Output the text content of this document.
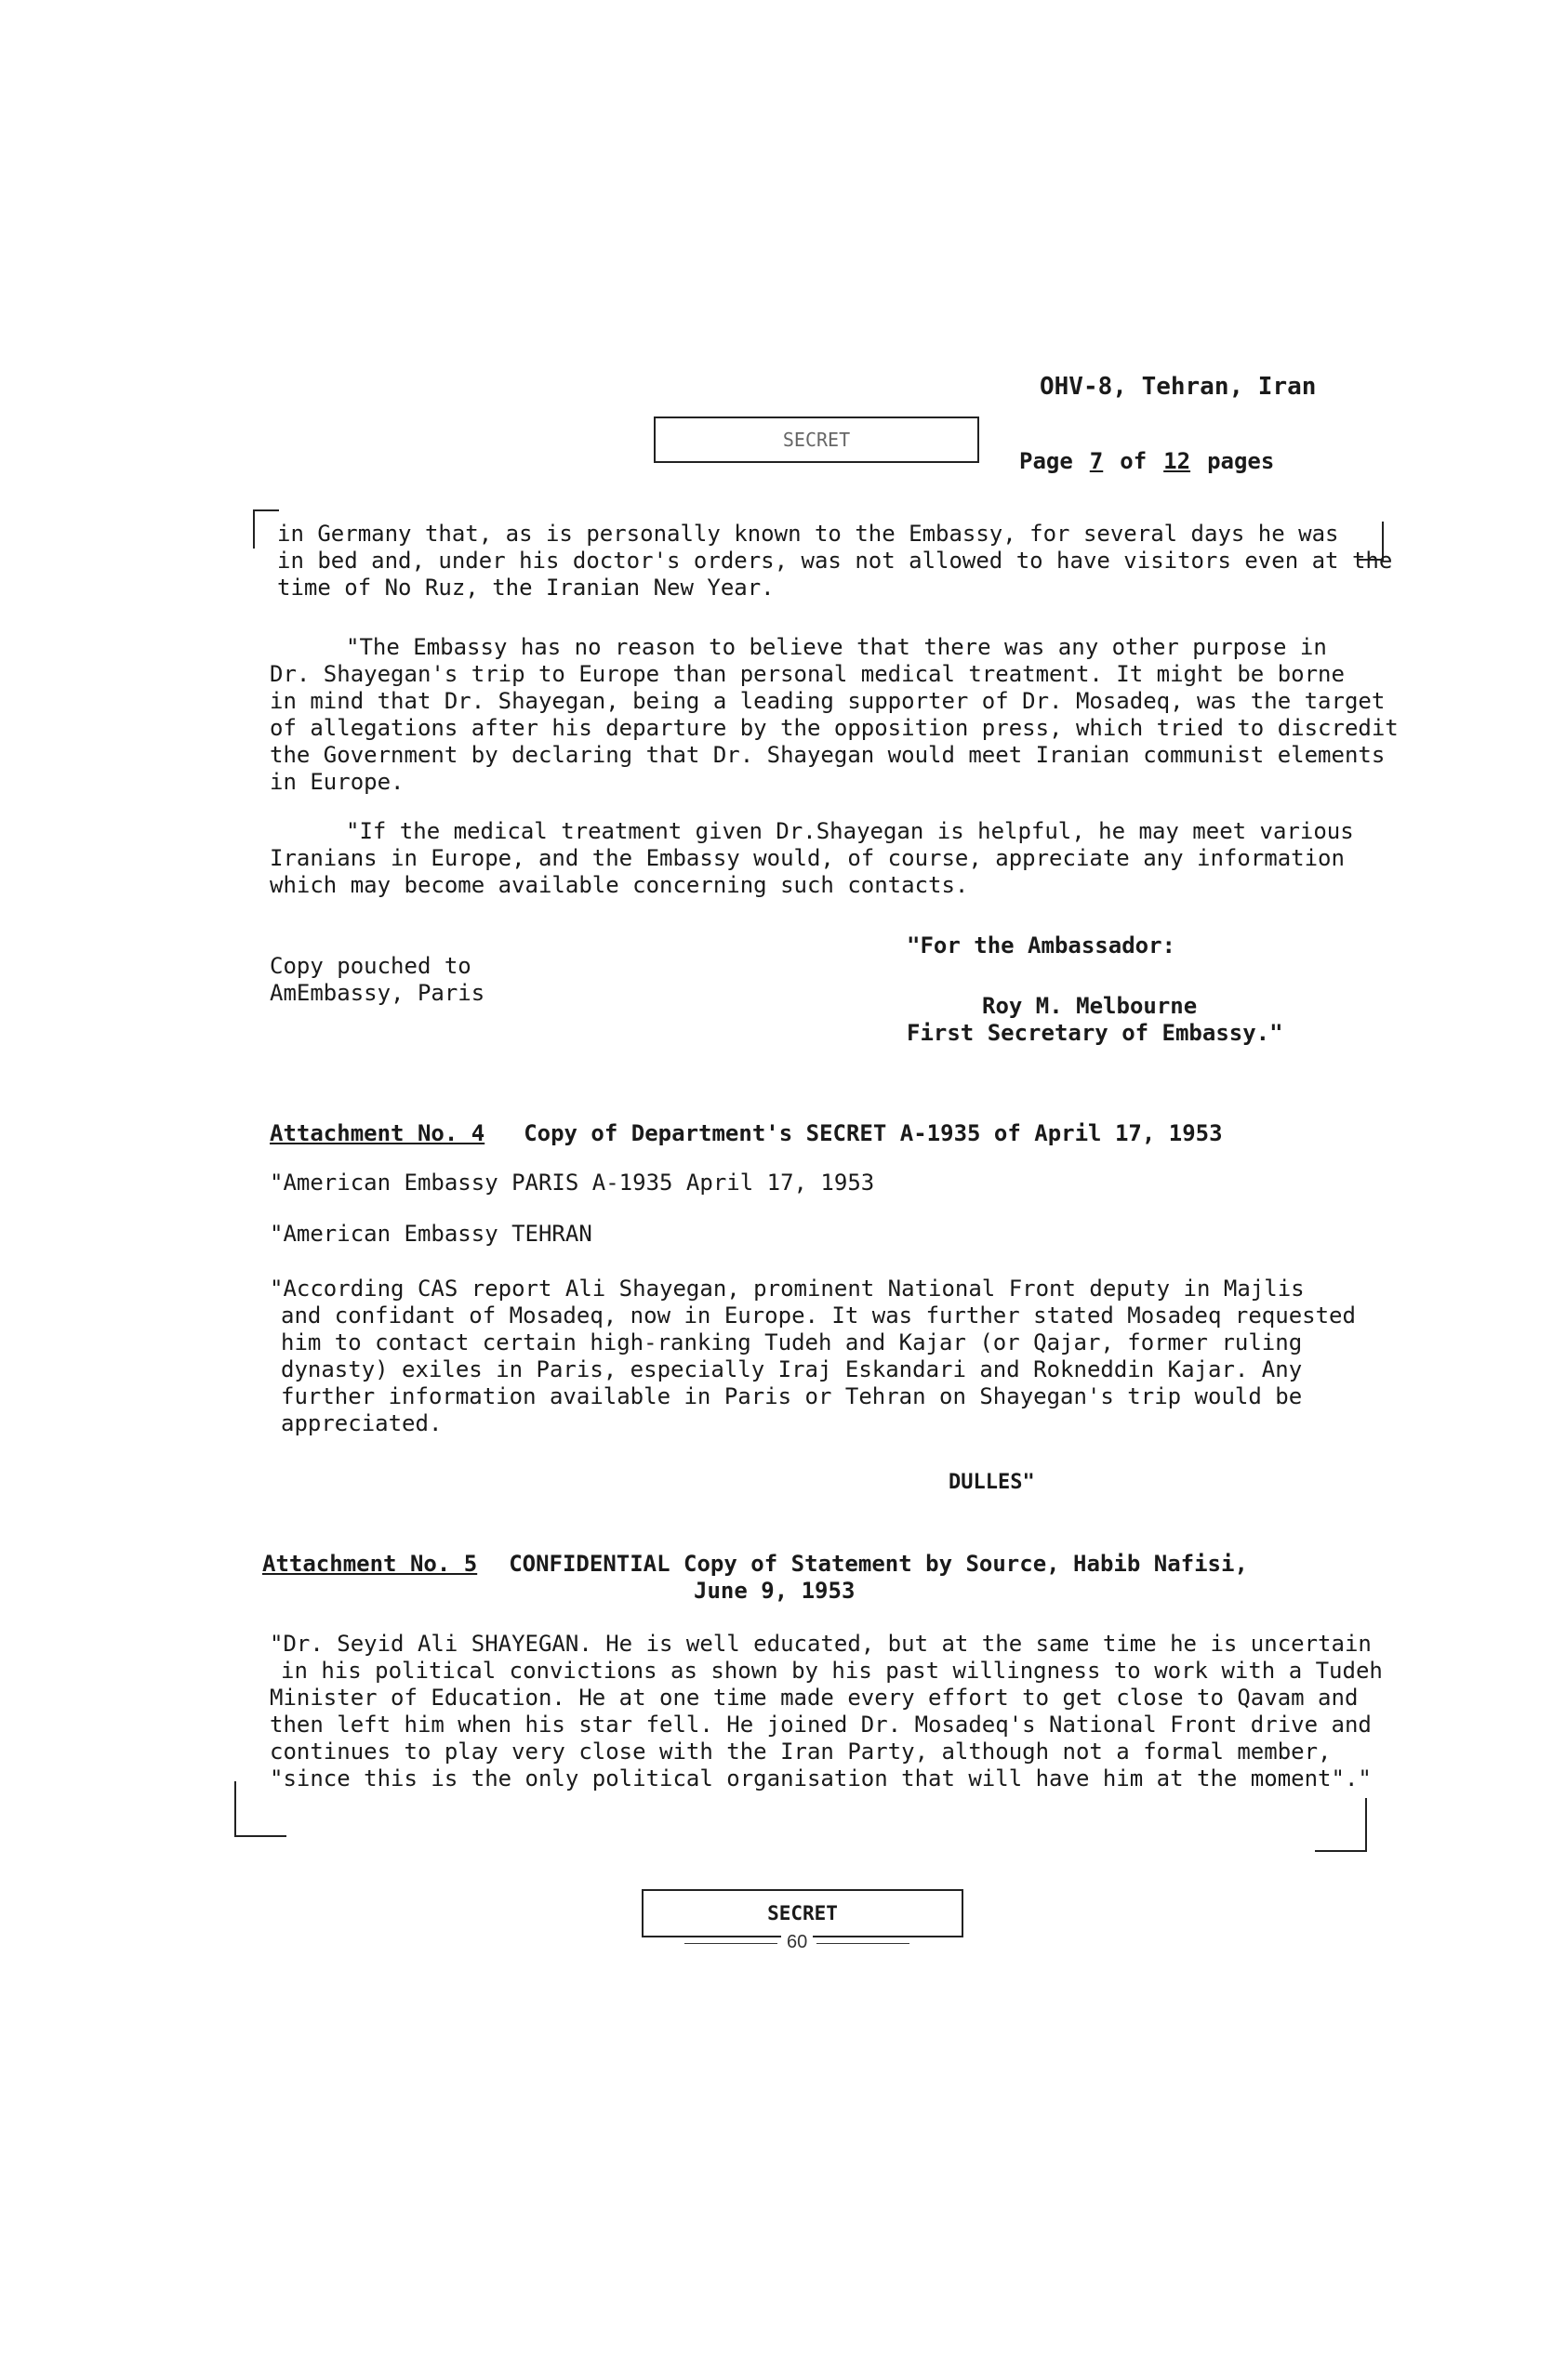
OHV-8, Tehran, Iran
SECRET
Page 7 of 12 pages
in Germany that, as is personally known to the Embassy, for several days he was
in bed and, under his doctor's orders, was not allowed to have visitors even at the
time of No Ruz, the Iranian New Year.
"The Embassy has no reason to believe that there was any other purpose in
Dr. Shayegan's trip to Europe than personal medical treatment. It might be borne
in mind that Dr. Shayegan, being a leading supporter of Dr. Mosadeq, was the target
of allegations after his departure by the opposition press, which tried to discredit
the Government by declaring that Dr. Shayegan would meet Iranian communist elements
in Europe.
"If the medical treatment given Dr.Shayegan is helpful, he may meet various
Iranians in Europe, and the Embassy would, of course, appreciate any information
which may become available concerning such contacts.
"For the Ambassador:
Roy M. Melbourne
First Secretary of Embassy."
Copy pouched to
AmEmbassy, Paris
Attachment No. 4 Copy of Department's SECRET A-1935 of April 17, 1953
"American Embassy PARIS A-1935 April 17, 1953
"American Embassy TEHRAN
"According CAS report Ali Shayegan, prominent National Front deputy in Majlis
and confidant of Mosadeq, now in Europe. It was further stated Mosadeq requested
him to contact certain high-ranking Tudeh and Kajar (or Qajar, former ruling
dynasty) exiles in Paris, especially Iraj Eskandari and Rokneddin Kajar. Any
further information available in Paris or Tehran on Shayegan's trip would be
appreciated.
DULLES"
Attachment No. 5 CONFIDENTIAL Copy of Statement by Source, Habib Nafisi,
June 9, 1953
"Dr. Seyid Ali SHAYEGAN. He is well educated, but at the same time he is uncertain
in his political convictions as shown by his past willingness to work with a Tudeh
Minister of Education. He at one time made every effort to get close to Qavam and
then left him when his star fell. He joined Dr. Mosadeq's National Front drive and
continues to play very close with the Iran Party, although not a formal member,
"since this is the only political organisation that will have him at the moment"."
SECRET
60
